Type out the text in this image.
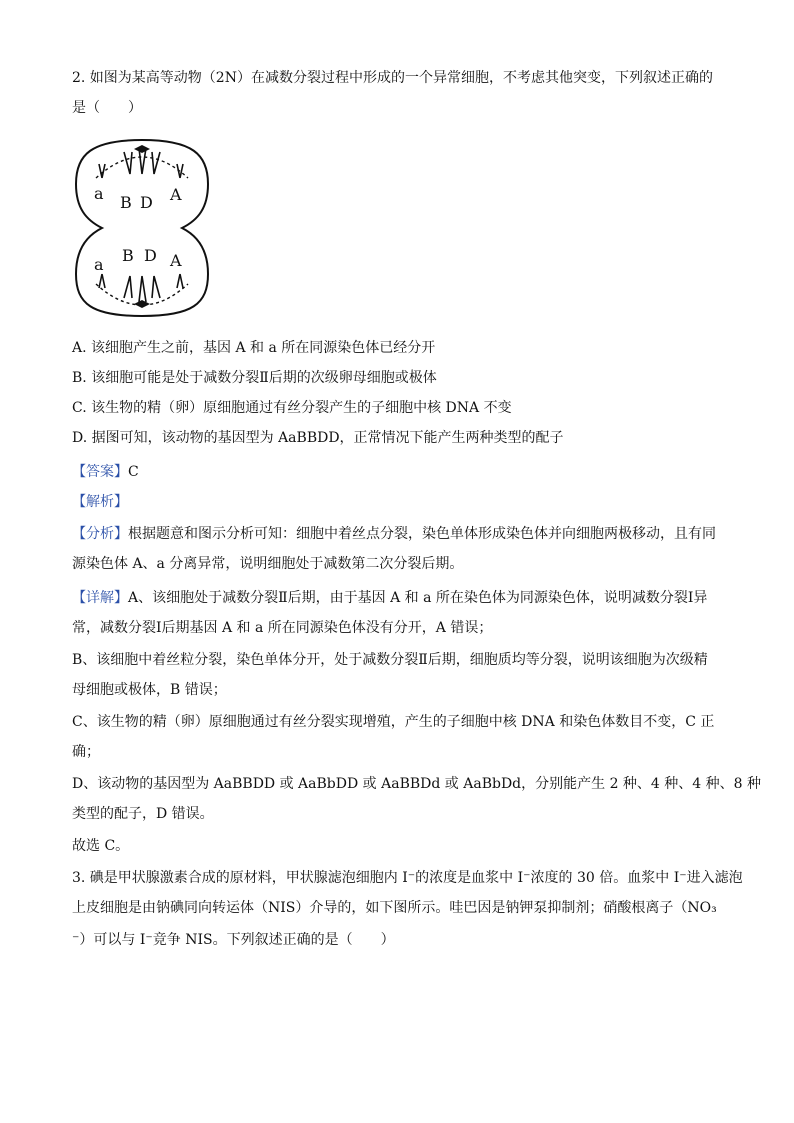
2. 如图为某高等动物（2N）在减数分裂过程中形成的一个异常细胞，不考虑其他突变，下列叙述正确的
是（　　）
a B D A
a B D A
A. 该细胞产生之前，基因 A 和 a 所在同源染色体已经分开
B. 该细胞可能是处于减数分裂Ⅱ后期的次级卵母细胞或极体
C. 该生物的精（卵）原细胞通过有丝分裂产生的子细胞中核 DNA 不变
D. 据图可知，该动物的基因型为 AaBBDD，正常情况下能产生两种类型的配子
【答案】C
【解析】
【分析】根据题意和图示分析可知：细胞中着丝点分裂，染色单体形成染色体并向细胞两极移动，且有同
源染色体 A、a 分离异常，说明细胞处于减数第二次分裂后期。
【详解】A、该细胞处于减数分裂Ⅱ后期，由于基因 A 和 a 所在染色体为同源染色体，说明减数分裂Ⅰ异
常，减数分裂Ⅰ后期基因 A 和 a 所在同源染色体没有分开，A 错误；
B、该细胞中着丝粒分裂，染色单体分开，处于减数分裂Ⅱ后期，细胞质均等分裂，说明该细胞为次级精
母细胞或极体，B 错误；
C、该生物的精（卵）原细胞通过有丝分裂实现增殖，产生的子细胞中核 DNA 和染色体数目不变，C 正
确；
D、该动物的基因型为 AaBBDD 或 AaBbDD 或 AaBBDd 或 AaBbDd，分别能产生 2 种、4 种、4 种、8 种
类型的配子，D 错误。
故选 C。
3. 碘是甲状腺激素合成的原材料，甲状腺滤泡细胞内 I⁻的浓度是血浆中 I⁻浓度的 30 倍。血浆中 I⁻进入滤泡
上皮细胞是由钠碘同向转运体（NIS）介导的，如下图所示。哇巴因是钠钾泵抑制剂；硝酸根离子（NO₃
⁻）可以与 I⁻竞争 NIS。下列叙述正确的是（　　）
